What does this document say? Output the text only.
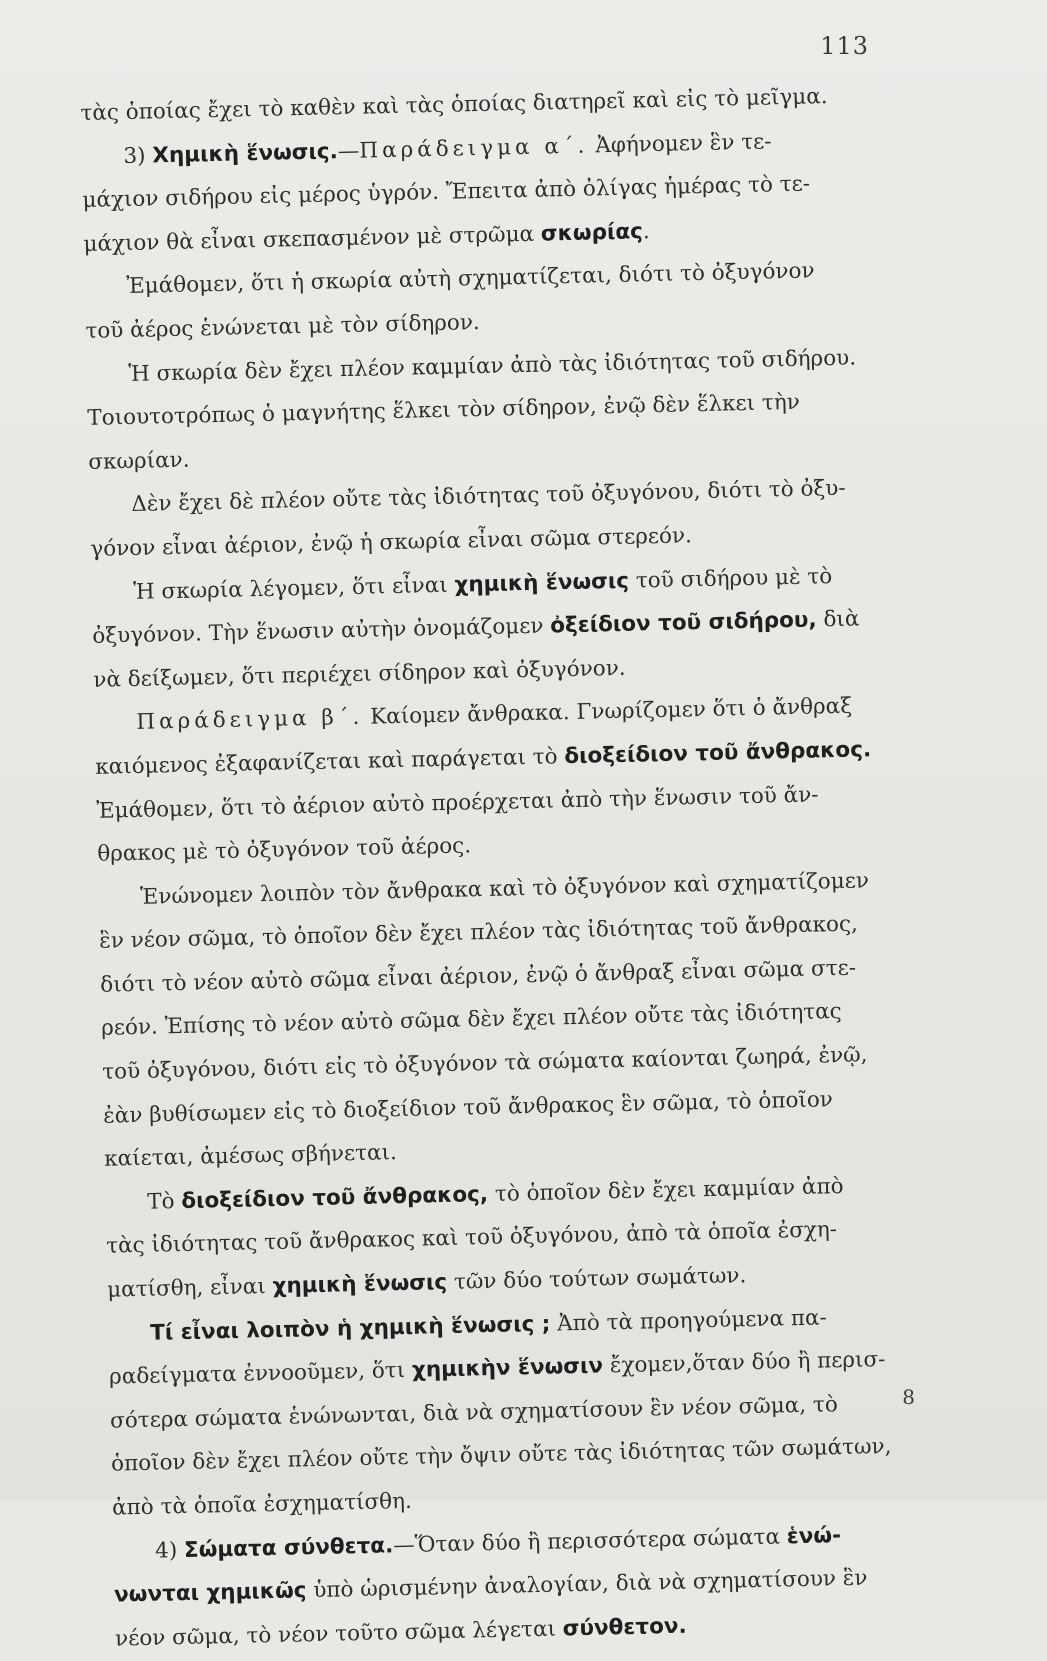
113
τὰς ὁποίας ἔχει τὸ καθὲν καὶ τὰς ὁποίας διατηρεῖ καὶ εἰς τὸ μεῖγμα.
3) Χημικὴ ἕνωσις.—Παράδειγμα α΄. Ἀφήνομεν ἓν τε-
μάχιον σιδήρου εἰς μέρος ὑγρόν. Ἔπειτα ἀπὸ ὀλίγας ἡμέρας τὸ τε-
μάχιον θὰ εἶναι σκεπασμένον μὲ στρῶμα σκωρίας.
Ἐμάθομεν, ὅτι ἡ σκωρία αὐτὴ σχηματίζεται, διότι τὸ ὀξυγόνον
τοῦ ἀέρος ἑνώνεται μὲ τὸν σίδηρον.
Ἡ σκωρία δὲν ἔχει πλέον καμμίαν ἀπὸ τὰς ἰδιότητας τοῦ σιδήρου.
Τοιουτοτρόπως ὁ μαγνήτης ἕλκει τὸν σίδηρον, ἐνῷ δὲν ἕλκει τὴν
σκωρίαν.
Δὲν ἔχει δὲ πλέον οὔτε τὰς ἰδιότητας τοῦ ὀξυγόνου, διότι τὸ ὀξυ-
γόνον εἶναι ἀέριον, ἐνῷ ἡ σκωρία εἶναι σῶμα στερεόν.
Ἡ σκωρία λέγομεν, ὅτι εἶναι χημικὴ ἕνωσις τοῦ σιδήρου μὲ τὸ
ὀξυγόνον. Τὴν ἕνωσιν αὐτὴν ὀνομάζομεν ὀξείδιον τοῦ σιδήρου, διὰ
νὰ δείξωμεν, ὅτι περιέχει σίδηρον καὶ ὀξυγόνον.
Παράδειγμα β΄. Καίομεν ἄνθρακα. Γνωρίζομεν ὅτι ὁ ἄνθραξ
καιόμενος ἐξαφανίζεται καὶ παράγεται τὸ διοξείδιον τοῦ ἄνθρακος.
Ἐμάθομεν, ὅτι τὸ ἀέριον αὐτὸ προέρχεται ἀπὸ τὴν ἕνωσιν τοῦ ἄν-
θρακος μὲ τὸ ὀξυγόνον τοῦ ἀέρος.
Ἑνώνομεν λοιπὸν τὸν ἄνθρακα καὶ τὸ ὀξυγόνον καὶ σχηματίζομεν
ἓν νέον σῶμα, τὸ ὁποῖον δὲν ἔχει πλέον τὰς ἰδιότητας τοῦ ἄνθρακος,
διότι τὸ νέον αὐτὸ σῶμα εἶναι ἀέριον, ἐνῷ ὁ ἄνθραξ εἶναι σῶμα στε-
ρεόν. Ἐπίσης τὸ νέον αὐτὸ σῶμα δὲν ἔχει πλέον οὔτε τὰς ἰδιότητας
τοῦ ὀξυγόνου, διότι εἰς τὸ ὀξυγόνον τὰ σώματα καίονται ζωηρά, ἐνῷ,
ἐὰν βυθίσωμεν εἰς τὸ διοξείδιον τοῦ ἄνθρακος ἓν σῶμα, τὸ ὁποῖον
καίεται, ἀμέσως σβήνεται.
Τὸ διοξείδιον τοῦ ἄνθρακος, τὸ ὁποῖον δὲν ἔχει καμμίαν ἀπὸ
τὰς ἰδιότητας τοῦ ἄνθρακος καὶ τοῦ ὀξυγόνου, ἀπὸ τὰ ὁποῖα ἐσχη-
ματίσθη, εἶναι χημικὴ ἕνωσις τῶν δύο τούτων σωμάτων.
Τί εἶναι λοιπὸν ἡ χημικὴ ἕνωσις ; Ἀπὸ τὰ προηγούμενα πα-
ραδείγματα ἐννοοῦμεν, ὅτι χημικὴν ἕνωσιν ἔχομεν,ὅταν δύο ἢ περισ-
σότερα σώματα ἑνώνωνται, διὰ νὰ σχηματίσουν ἓν νέον σῶμα, τὸ
ὁποῖον δὲν ἔχει πλέον οὔτε τὴν ὄψιν οὔτε τὰς ἰδιότητας τῶν σωμάτων,
ἀπὸ τὰ ὁποῖα ἐσχηματίσθη.
4) Σώματα σύνθετα.—Ὅταν δύο ἢ περισσότερα σώματα ἑνώ-
νωνται χημικῶς ὑπὸ ὡρισμένην ἀναλογίαν, διὰ νὰ σχηματίσουν ἓν
νέον σῶμα, τὸ νέον τοῦτο σῶμα λέγεται σύνθετον.
8
